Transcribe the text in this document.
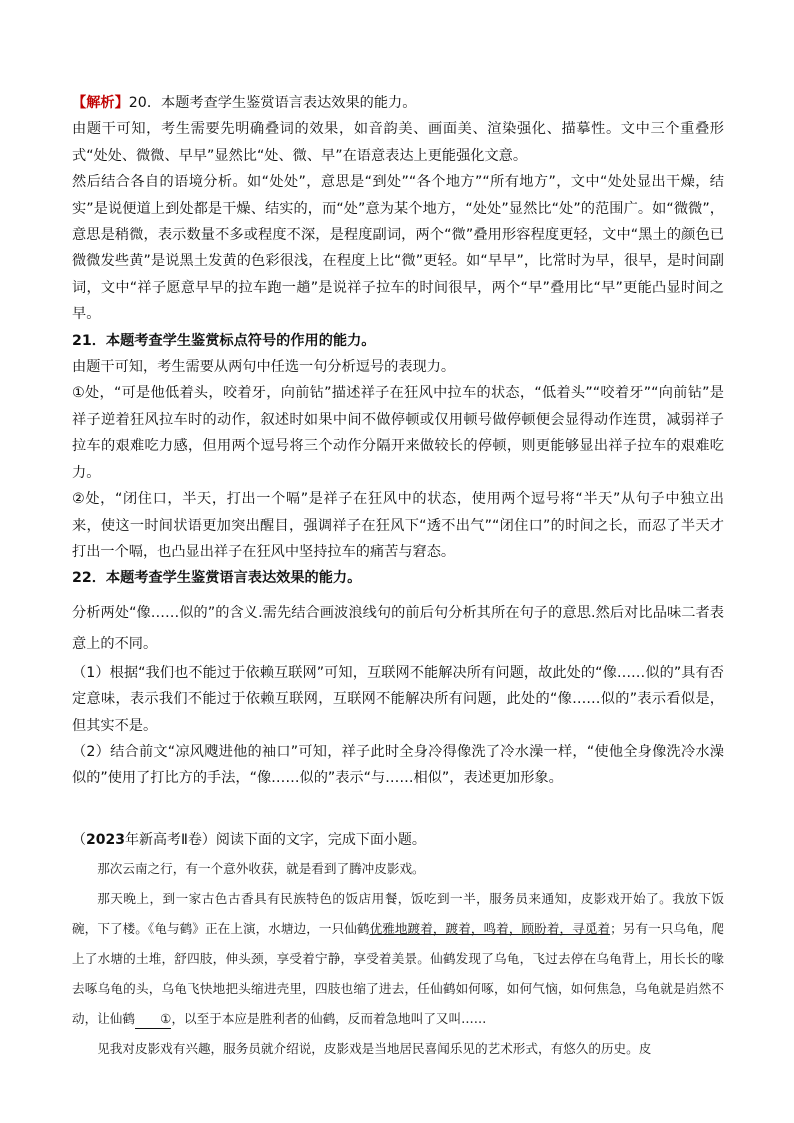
【解析】20．本题考查学生鉴赏语言表达效果的能力。

由题干可知，考生需要先明确叠词的效果，如音韵美、画面美、渲染强化、描摹性。文中三个重叠形式“处处、微微、早早”显然比“处、微、早”在语意表达上更能强化文意。

然后结合各自的语境分析。如“处处”，意思是“到处”“各个地方”“所有地方”，文中“处处显出干燥，结实”是说便道上到处都是干燥、结实的，而“处”意为某个地方，“处处”显然比“处”的范围广。如“微微”，意思是稍微，表示数量不多或程度不深，是程度副词，两个“微”叠用形容程度更轻，文中“黑土的颜色已微微发些黄”是说黑土发黄的色彩很浅，在程度上比“微”更轻。如“早早”，比常时为早，很早，是时间副词，文中“祥子愿意早早的拉车跑一趟”是说祥子拉车的时间很早，两个“早”叠用比“早”更能凸显时间之早。

21．本题考查学生鉴赏标点符号的作用的能力。

由题干可知，考生需要从两句中任选一句分析逗号的表现力。

①处，“可是他低着头，咬着牙，向前钻”描述祥子在狂风中拉车的状态，“低着头”“咬着牙”“向前钻”是祥子逆着狂风拉车时的动作，叙述时如果中间不做停顿或仅用顿号做停顿便会显得动作连贯，减弱祥子拉车的艰难吃力感，但用两个逗号将三个动作分隔开来做较长的停顿，则更能够显出祥子拉车的艰难吃力。

②处，“闭住口，半天，打出一个嗝”是祥子在狂风中的状态，使用两个逗号将“半天”从句子中独立出来，使这一时间状语更加突出醒目，强调祥子在狂风下“透不出气”“闭住口”的时间之长，而忍了半天才打出一个嗝，也凸显出祥子在狂风中坚持拉车的痛苦与窘态。

22．本题考查学生鉴赏语言表达效果的能力。

分析两处“像……似的”的含义.需先结合画波浪线句的前后句分析其所在句子的意思.然后对比品味二者表意上的不同。

（1）根据“我们也不能过于依赖互联网”可知，互联网不能解决所有问题，故此处的“像……似的”具有否定意味，表示我们不能过于依赖互联网，互联网不能解决所有问题，此处的“像……似的”表示看似是，但其实不是。

（2）结合前文“凉风飕进他的袖口”可知，祥子此时全身冷得像洗了冷水澡一样，“使他全身像洗冷水澡似的”使用了打比方的手法，“像……似的”表示“与……相似”，表述更加形象。

（2023年新高考Ⅱ卷）阅读下面的文字，完成下面小题。

那次云南之行，有一个意外收获，就是看到了腾冲皮影戏。

那天晚上，到一家古色古香具有民族特色的饭店用餐，饭吃到一半，服务员来通知，皮影戏开始了。我放下饭碗，下了楼。《龟与鹤》正在上演，水塘边，一只仙鹤优雅地踱着，踱着，鸣着，顾盼着，寻觅着；另有一只乌龟，爬上了水塘的土堆，舒四肢，伸头颈，享受着宁静，享受着美景。仙鹤发现了乌龟，飞过去停在乌龟背上，用长长的喙去啄乌龟的头，乌龟飞快地把头缩进壳里，四肢也缩了进去，任仙鹤如何啄，如何气恼，如何焦急，乌龟就是岿然不动，让仙鹤 ①，以至于本应是胜利者的仙鹤，反而着急地叫了又叫……

见我对皮影戏有兴趣，服务员就介绍说，皮影戏是当地居民喜闻乐见的艺术形式，有悠久的历史。皮
